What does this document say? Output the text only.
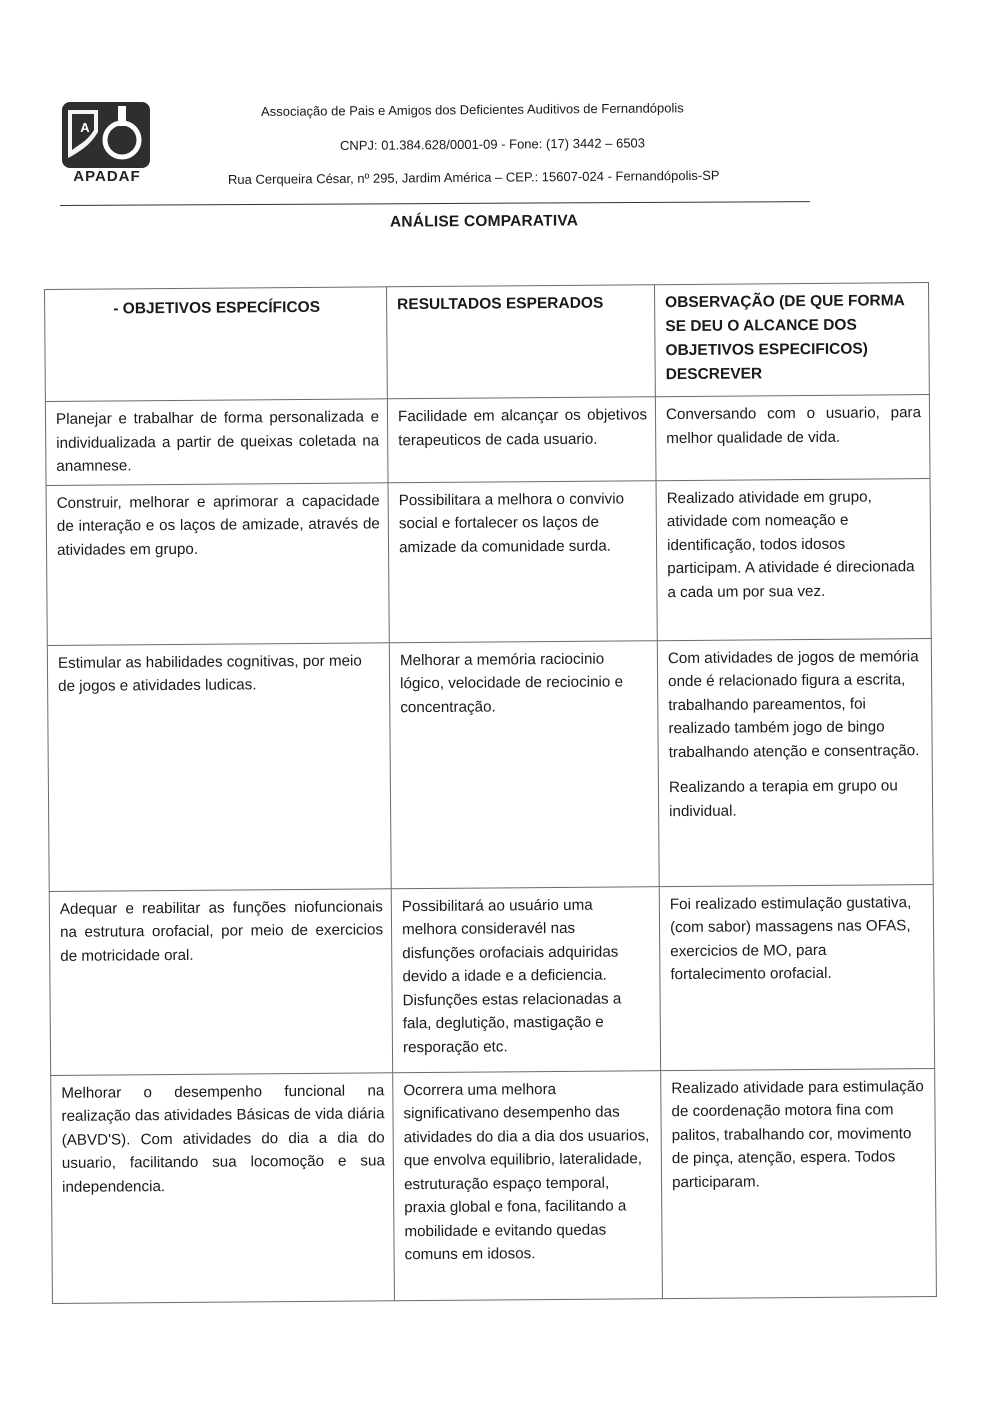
A
APADAF
Associação de Pais e Amigos dos Deficientes Auditivos de Fernandópolis
CNPJ: 01.384.628/0001-09 - Fone: (17) 3442 – 6503
Rua Cerqueira César, nº 295, Jardim América – CEP.: 15607-024 - Fernandópolis-SP
ANÁLISE COMPARATIVA
- OBJETIVOS ESPECÍFICOS	RESULTADOS ESPERADOS	OBSERVAÇÃO (DE QUE FORMA SE DEU O ALCANCE DOS OBJETIVOS ESPECIFICOS) DESCREVER
Planejar e trabalhar de forma personalizada e individualizada a partir de queixas coletada na anamnese.	Facilidade em alcançar os objetivos terapeuticos de cada usuario.	Conversando com o usuario, para melhor qualidade de vida.
Construir, melhorar e aprimorar a capacidade de interação e os laços de amizade, através de atividades em grupo.	Possibilitara a melhora o convivio social e fortalecer os laços de amizade da comunidade surda.	Realizado atividade em grupo, atividade com nomeação e identificação, todos idosos participam. A atividade é direcionada a cada um por sua vez.
Estimular as habilidades cognitivas, por meio de jogos e atividades ludicas.	Melhorar a memória raciocinio lógico, velocidade de reciocinio e concentração.	Com atividades de jogos de memória onde é relacionado figura a escrita, trabalhando pareamentos, foi realizado também jogo de bingo trabalhando atenção e consentração.
Realizando a terapia em grupo ou individual.

Adequar e reabilitar as funções niofuncionais na estrutura orofacial, por meio de exercicios de motricidade oral.	Possibilitará ao usuário uma melhora consideravél nas disfunções orofaciais adquiridas devido a idade e a deficiencia. Disfunções estas relacionadas a fala, deglutição, mastigação e resporação etc.	Foi realizado estimulação gustativa, (com sabor) massagens nas OFAS, exercicios de MO, para fortalecimento orofacial.
Melhorar o desempenho funcional na realização das atividades Básicas de vida diária (ABVD'S). Com atividades do dia a dia do usuario, facilitando sua locomoção e sua independencia.	Ocorrera uma melhora significativano desempenho das atividades do dia a dia dos usuarios, que envolva equilibrio, lateralidade, estruturação espaço temporal, praxia global e fona, facilitando a mobilidade e evitando quedas comuns em idosos.	Realizado atividade para estimulação de coordenação motora fina com palitos, trabalhando cor, movimento de pinça, atenção, espera. Todos participaram.
